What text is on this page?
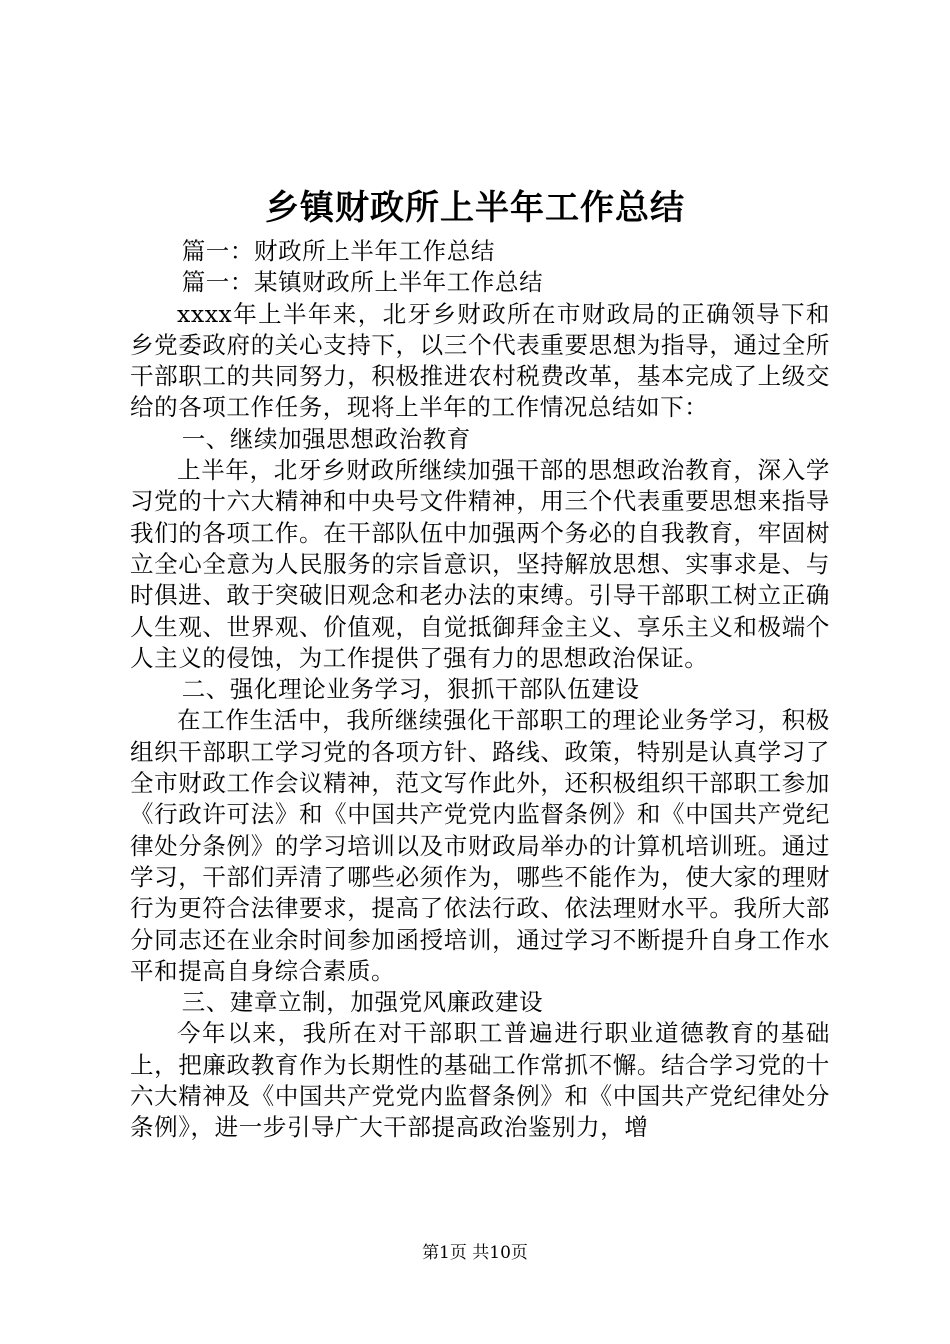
乡镇财政所上半年工作总结

篇一：财政所上半年工作总结

篇一：某镇财政所上半年工作总结

xxxx年上半年来，北牙乡财政所在市财政局的正确领导下和乡党委政府的关心支持下，以三个代表重要思想为指导，通过全所干部职工的共同努力，积极推进农村税费改革，基本完成了上级交给的各项工作任务，现将上半年的工作情况总结如下：

一、继续加强思想政治教育

上半年，北牙乡财政所继续加强干部的思想政治教育，深入学习党的十六大精神和中央号文件精神，用三个代表重要思想来指导我们的各项工作。在干部队伍中加强两个务必的自我教育，牢固树立全心全意为人民服务的宗旨意识，坚持解放思想、实事求是、与时俱进、敢于突破旧观念和老办法的束缚。引导干部职工树立正确人生观、世界观、价值观，自觉抵御拜金主义、享乐主义和极端个人主义的侵蚀，为工作提供了强有力的思想政治保证。

二、强化理论业务学习，狠抓干部队伍建设

在工作生活中，我所继续强化干部职工的理论业务学习，积极组织干部职工学习党的各项方针、路线、政策，特别是认真学习了全市财政工作会议精神，范文写作此外，还积极组织干部职工参加《行政许可法》和《中国共产党党内监督条例》和《中国共产党纪律处分条例》的学习培训以及市财政局举办的计算机培训班。通过学习，干部们弄清了哪些必须作为，哪些不能作为，使大家的理财行为更符合法律要求，提高了依法行政、依法理财水平。我所大部分同志还在业余时间参加函授培训，通过学习不断提升自身工作水平和提高自身综合素质。

三、建章立制，加强党风廉政建设

今年以来，我所在对干部职工普遍进行职业道德教育的基础上，把廉政教育作为长期性的基础工作常抓不懈。结合学习党的十六大精神及《中国共产党党内监督条例》和《中国共产党纪律处分条例》，进一步引导广大干部提高政治鉴别力，增

第1页 共10页
